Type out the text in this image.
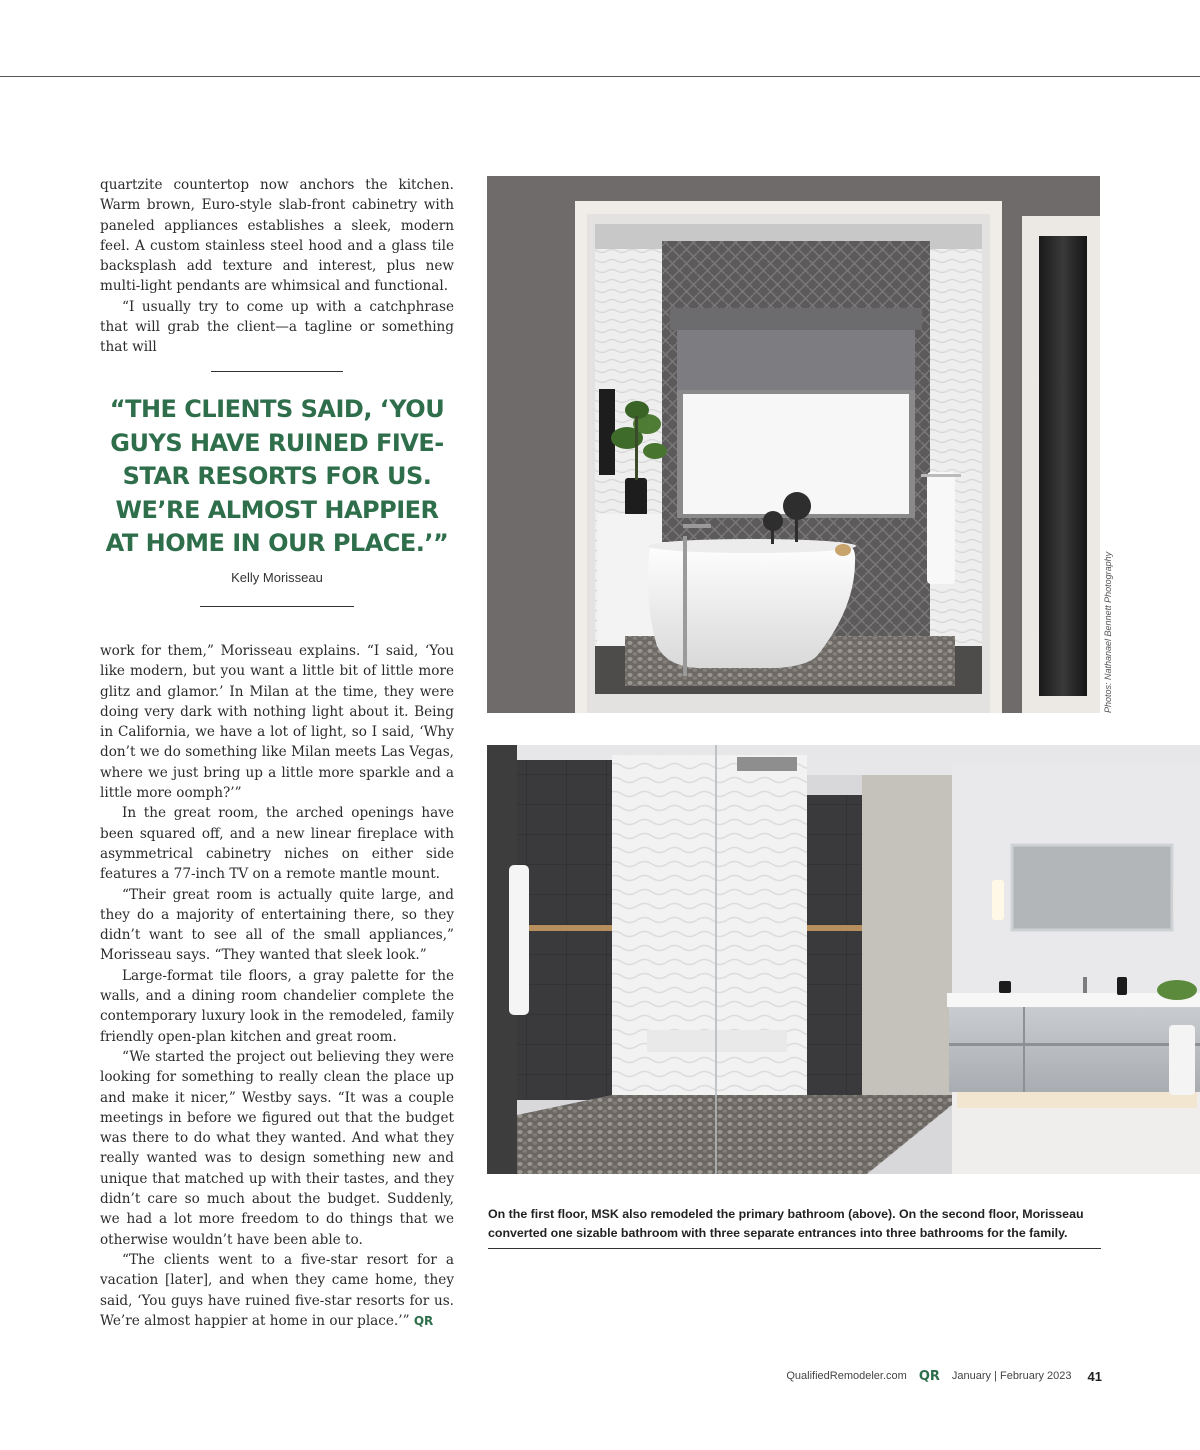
quartzite countertop now anchors the kitchen. Warm brown, Euro-style slab-front cabinetry with paneled appliances establishes a sleek, modern feel. A custom stainless steel hood and a glass tile backsplash add texture and interest, plus new multi-light pendants are whimsical and functional.

“I usually try to come up with a catchphrase that will grab the client—a tagline or something that will

“THE CLIENTS SAID, ‘YOU GUYS HAVE RUINED FIVE-STAR RESORTS FOR US. WE’RE ALMOST HAPPIER AT HOME IN OUR PLACE.’”
Kelly Morisseau

work for them,” Morisseau explains. “I said, ‘You like modern, but you want a little bit of little more glitz and glamor.’ In Milan at the time, they were doing very dark with nothing light about it. Being in California, we have a lot of light, so I said, ‘Why don’t we do something like Milan meets Las Vegas, where we just bring up a little more sparkle and a little more oomph?’”

In the great room, the arched openings have been squared off, and a new linear fireplace with asymmetrical cabinetry niches on either side features a 77-inch TV on a remote mantle mount.

“Their great room is actually quite large, and they do a majority of entertaining there, so they didn’t want to see all of the small appliances,” Morisseau says. “They wanted that sleek look.”

Large-format tile floors, a gray palette for the walls, and a dining room chandelier complete the contemporary luxury look in the remodeled, family friendly open-plan kitchen and great room.

“We started the project out believing they were looking for something to really clean the place up and make it nicer,” Westby says. “It was a couple meetings in before we figured out that the budget was there to do what they wanted. And what they really wanted was to design something new and unique that matched up with their tastes, and they didn’t care so much about the budget. Suddenly, we had a lot more freedom to do things that we otherwise wouldn’t have been able to.

“The clients went to a five-star resort for a vacation [later], and when they came home, they said, ‘You guys have ruined five-star resorts for us. We’re almost happier at home in our place.’” QR

Photos: Nathanael Bennett Photography
On the first floor, MSK also remodeled the primary bathroom (above). On the second floor, Morisseau converted one sizable bathroom with three separate entrances into three bathrooms for the family.
QualifiedRemodeler.com QR January | February 2023 41
